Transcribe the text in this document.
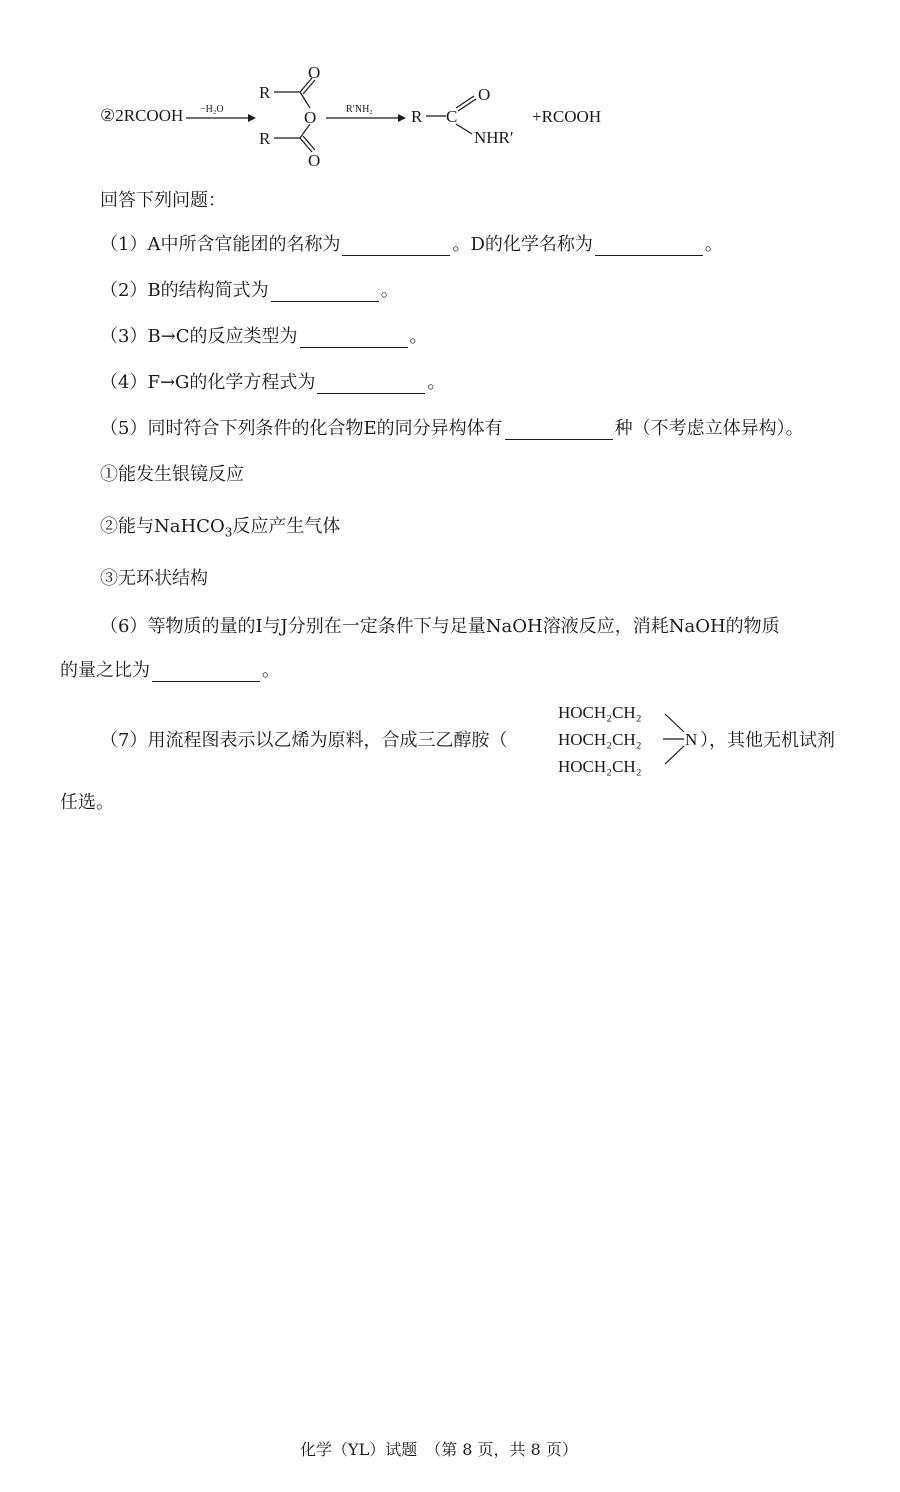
②2RCOOH −H₂O
R
O
O
R
O
R′NH₂ R C
O
NHR′
+RCOOH
回答下列问题：
（1）A中所含官能团的名称为	。D的化学名称为	。
（2）B的结构简式为	。
（3）B→C的反应类型为	。
（4）F→G的化学方程式为	。
（5）同时符合下列条件的化合物E的同分异构体有	种（不考虑立体异构）。
①能发生银镜反应
②能与NaHCO$_3$反应产生气体
③无环状结构
（6）等物质的量的I与J分别在一定条件下与足量NaOH溶液反应，消耗NaOH的物质
的量之比为	。
（7）用流程图表示以乙烯为原料，合成三乙醇胺（
HOCH₂CH₂
HOCH₂CH₂
HOCH₂CH₂
N ），其他无机试剂
任选。
化学（YL）试题　（第 8 页，共 8 页）
